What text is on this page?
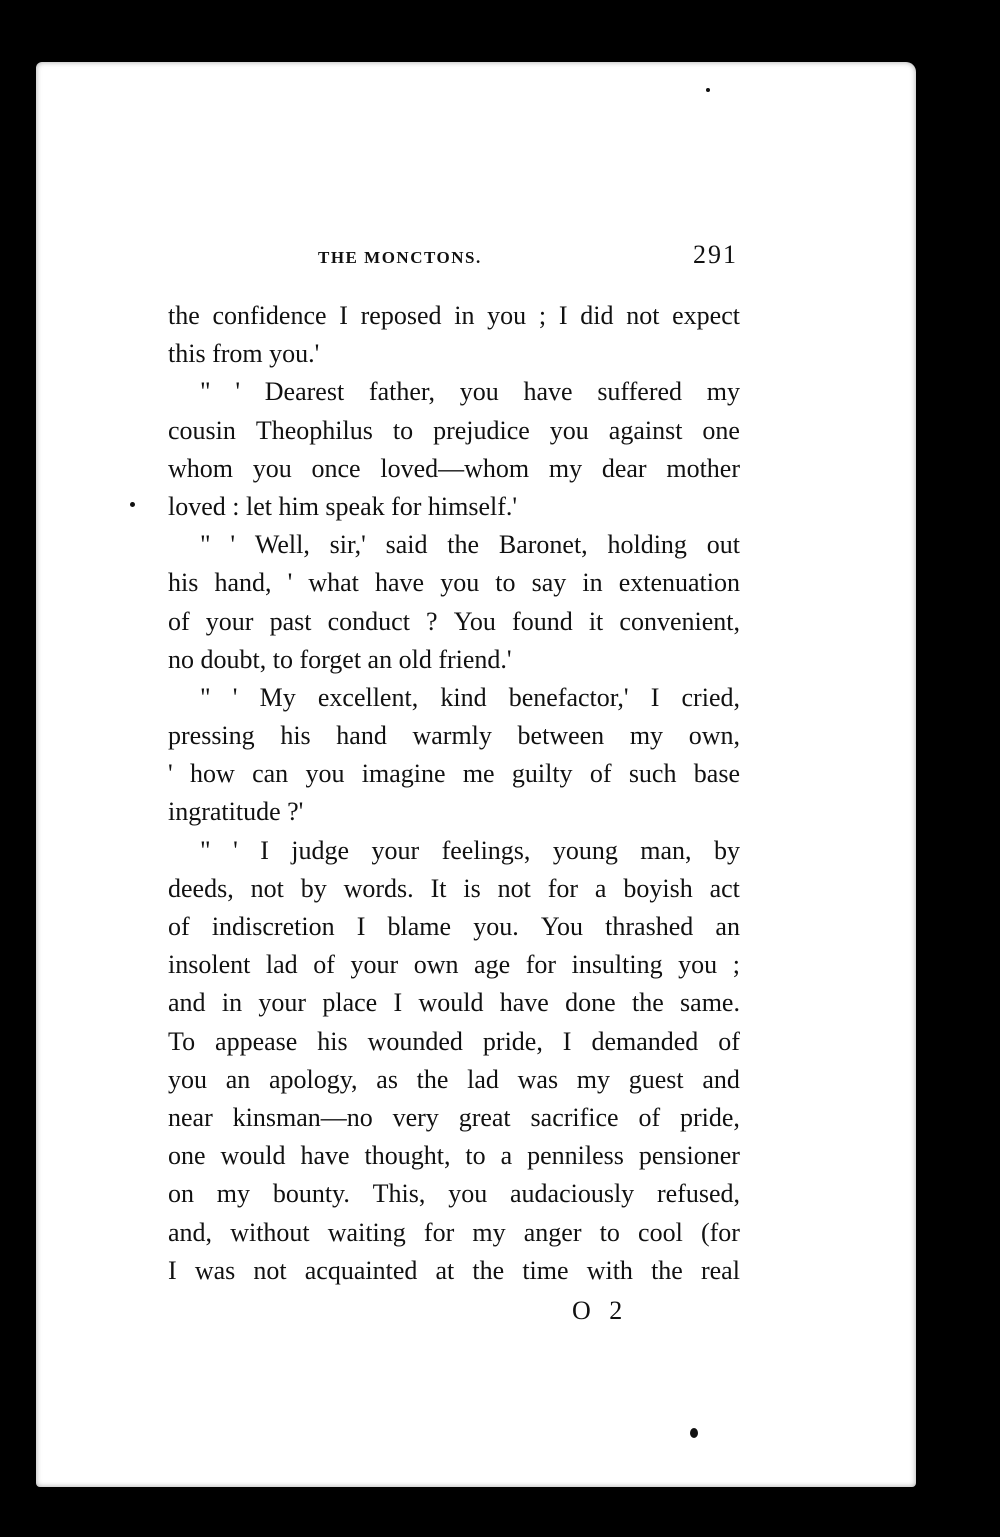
THE MONCTONS.	291
the confidence I reposed in you ; I did not expect
this from you.'
" ' Dearest father, you have suffered my
cousin Theophilus to prejudice you against one
whom you once loved—whom my dear mother
loved : let him speak for himself.'
" ' Well, sir,' said the Baronet, holding out
his hand, ' what have you to say in extenuation
of your past conduct ? You found it convenient,
no doubt, to forget an old friend.'
" ' My excellent, kind benefactor,' I cried,
pressing his hand warmly between my own,
' how can you imagine me guilty of such base
ingratitude ?'
" ' I judge your feelings, young man, by
deeds, not by words. It is not for a boyish act
of indiscretion I blame you. You thrashed an
insolent lad of your own age for insulting you ;
and in your place I would have done the same.
To appease his wounded pride, I demanded of
you an apology, as the lad was my guest and
near kinsman—no very great sacrifice of pride,
one would have thought, to a penniless pensioner
on my bounty. This, you audaciously refused,
and, without waiting for my anger to cool (for
I was not acquainted at the time with the real
O 2
